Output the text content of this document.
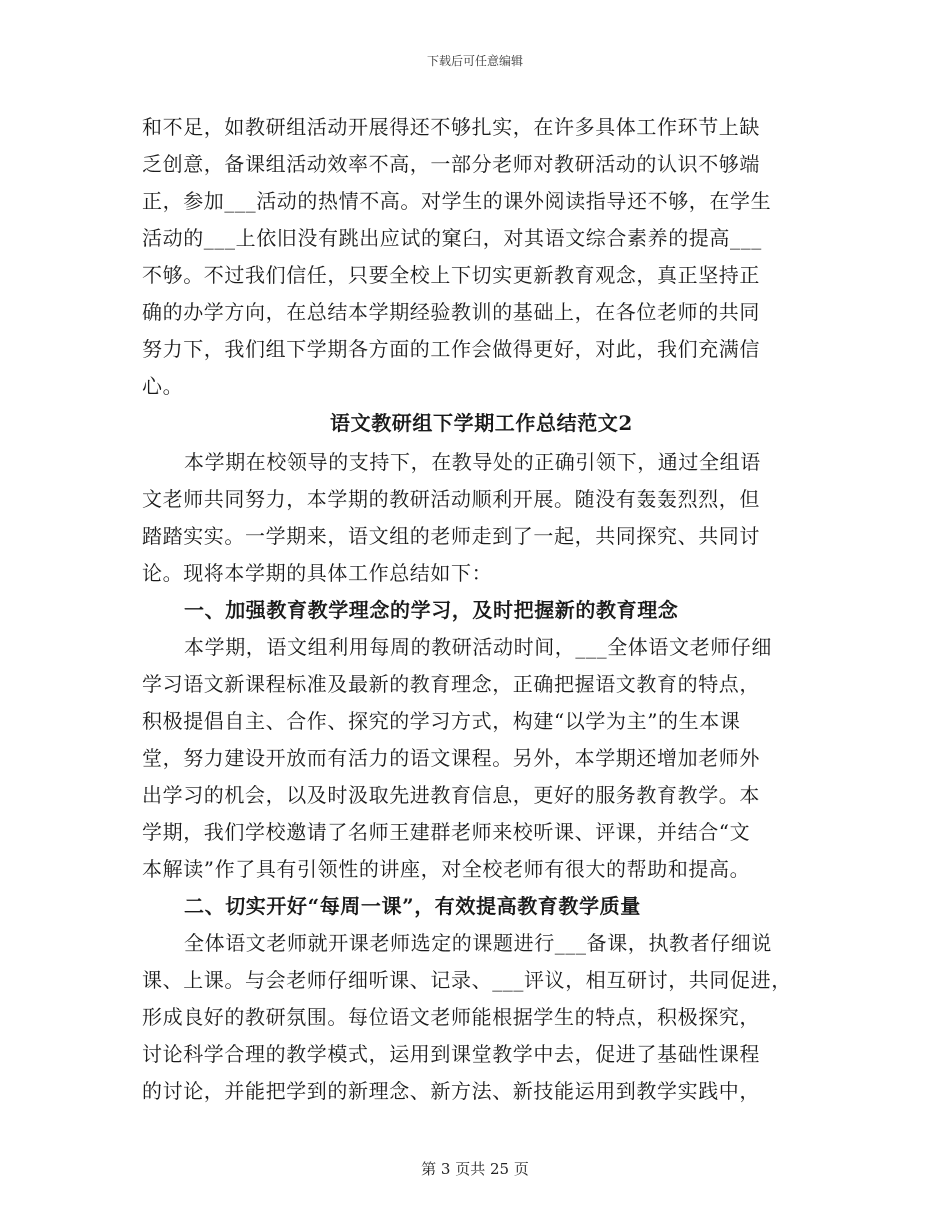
下载后可任意编辑
和不足，如教研组活动开展得还不够扎实，在许多具体工作环节上缺
乏创意，备课组活动效率不高，一部分老师对教研活动的认识不够端
正，参加___活动的热情不高。对学生的课外阅读指导还不够，在学生
活动的___上依旧没有跳出应试的窠臼，对其语文综合素养的提高___
不够。不过我们信任，只要全校上下切实更新教育观念，真正坚持正
确的办学方向，在总结本学期经验教训的基础上，在各位老师的共同
努力下，我们组下学期各方面的工作会做得更好，对此，我们充满信
心。
语文教研组下学期工作总结范文2
本学期在校领导的支持下，在教导处的正确引领下，通过全组语
文老师共同努力，本学期的教研活动顺利开展。随没有轰轰烈烈，但
踏踏实实。一学期来，语文组的老师走到了一起，共同探究、共同讨
论。现将本学期的具体工作总结如下：
一、加强教育教学理念的学习，及时把握新的教育理念
本学期，语文组利用每周的教研活动时间，___全体语文老师仔细
学习语文新课程标准及最新的教育理念，正确把握语文教育的特点，
积极提倡自主、合作、探究的学习方式，构建“以学为主”的生本课
堂，努力建设开放而有活力的语文课程。另外，本学期还增加老师外
出学习的机会，以及时汲取先进教育信息，更好的服务教育教学。本
学期，我们学校邀请了名师王建群老师来校听课、评课，并结合“文
本解读”作了具有引领性的讲座，对全校老师有很大的帮助和提高。
二、切实开好“每周一课”，有效提高教育教学质量
全体语文老师就开课老师选定的课题进行___备课，执教者仔细说
课、上课。与会老师仔细听课、记录、___评议，相互研讨，共同促进，
形成良好的教研氛围。每位语文老师能根据学生的特点，积极探究，
讨论科学合理的教学模式，运用到课堂教学中去，促进了基础性课程
的讨论，并能把学到的新理念、新方法、新技能运用到教学实践中，
第 3 页共 25 页
